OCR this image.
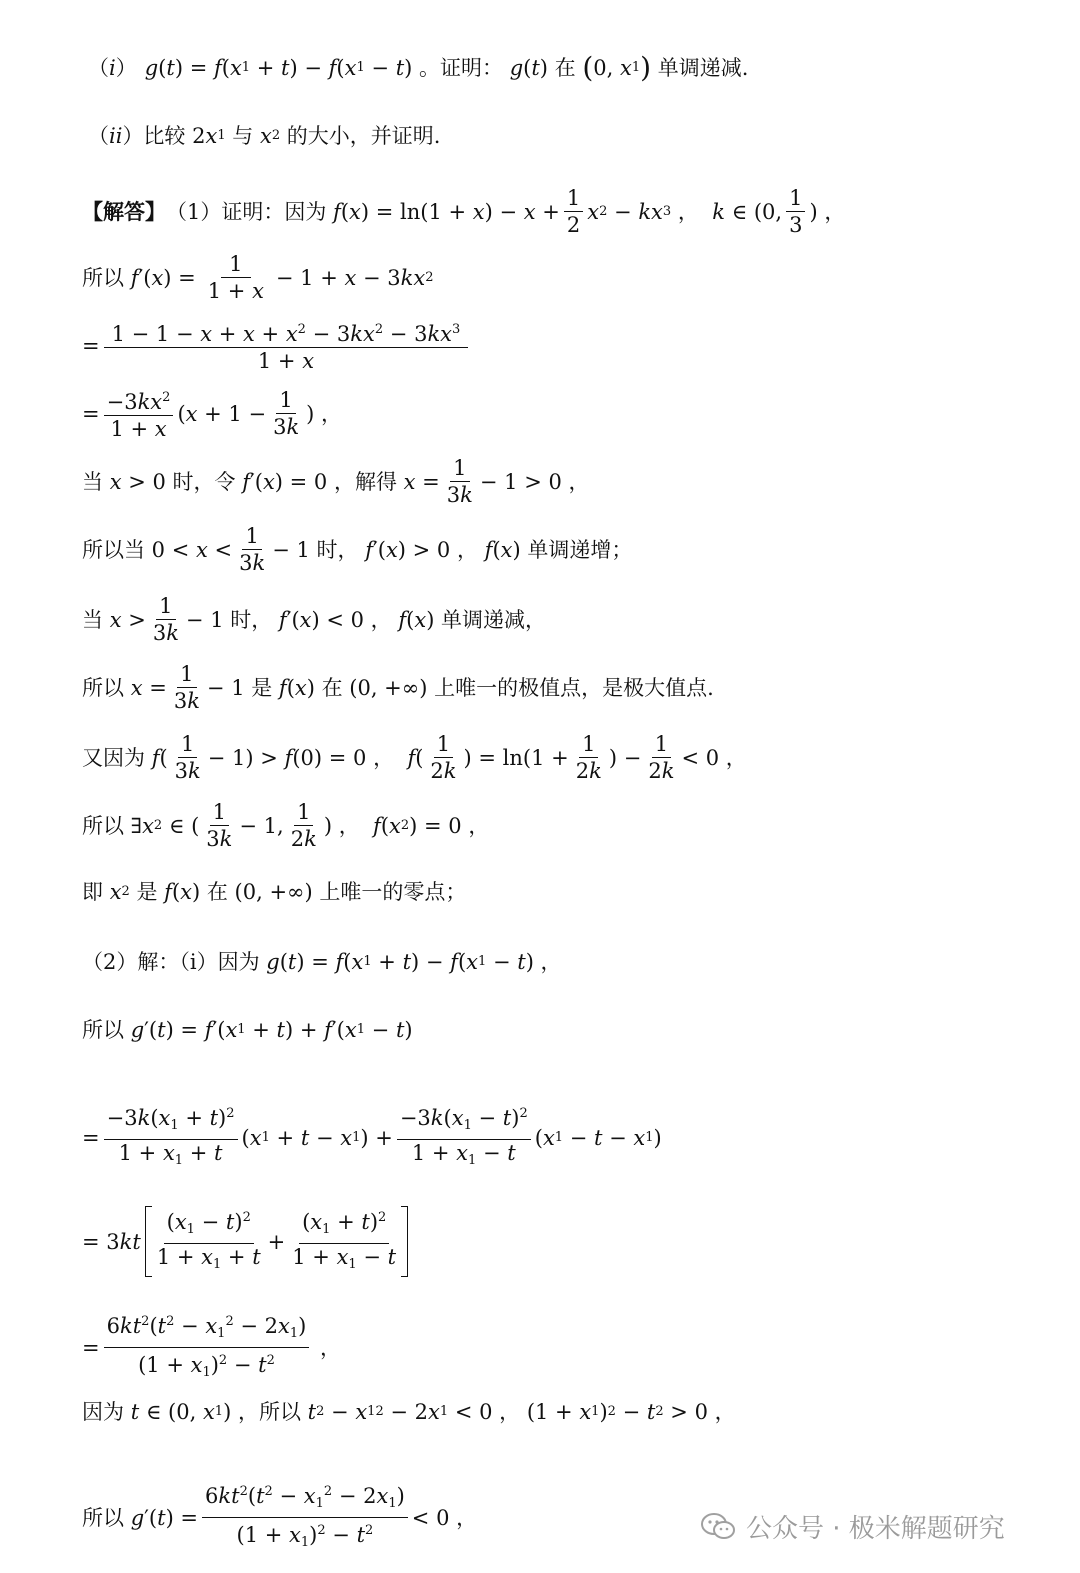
（ i ） g ( t ) = f ( x 1 + t ) − f ( x 1 − t ) 。证明： g ( t ) 在 ( 0, x 1 ) 单调递减.
（ ii ）比较 2 x 1 与 x 2 的大小，并证明.
【解答】 （1）证明：因为 f ( x ) = ln(1 + x ) − $x + \frac{1}{2}$ x 2 − kx 3 ， k ∈ (0, $\frac{1}{3}$ ) ，
所以 f ′( x ) = $\frac{1}{1 + x} - 1 + x - 3$ kx 2
= $\frac{1 - 1 - x + x + x^2 - 3kx^2 - 3kx^3}{1 + x}$
= $\frac{-3kx^2}{1 + x}$ ( $x + 1 - \frac{1}{3k}$ ) ，
当 x > 0 时，令 f ′( x ) = 0 ，解得 $x = \frac{1}{3k} - 1 > 0$ ，
所以当 $0 < x < \frac{1}{3k} - 1$ 时， f ′( x ) > 0 ， f ( x ) 单调递增；
当 $x > \frac{1}{3k} - 1$ 时， f ′( x ) < 0 ， f ( x ) 单调递减，
所以 $x = \frac{1}{3k} - 1$ 是 f ( x ) 在 (0, +∞) 上唯一的极值点，是极大值点.
又因为 f ( $\frac{1}{3k} - 1) > f$ (0) = 0 ， f ( $\frac{1}{2k}$ ) = $\ln(1 + \frac{1}{2k}$ ) − $\frac{1}{2k} < 0$ ，
所以 ∃ x 2 ∈ ( $\frac{1}{3k} - 1$, $\frac{1}{2k}$ ) ， f ( x 2 ) = 0 ，
即 x 2 是 f ( x ) 在 (0, +∞) 上唯一的零点；
（2）解：（i）因为 g ( t ) = f ( x 1 + t ) − f ( x 1 − t ) ，
所以 g ′( t ) = f ′( x 1 + t ) + f ′( x 1 − t )
= $\frac{-3k(x_1 + t)^2}{1 + x_1 + t}$ ( x 1 + t − x 1 ) + $\frac{-3k(x_1 - t)^2}{1 + x_1 - t}$ ( x 1 − t − x 1 )
= 3 kt $\frac{(x_1 - t)^2}{1 + x_1 + t} + \frac{(x_1 + t)^2}{1 + x_1 - t}$
= $\frac{6kt^2(t^2 - x_1^2 - 2x_1)}{(1 + x_1)^2 - t^2}$ ，
因为 t ∈ (0, x 1 ) ，所以 t 2 − x 1 2 − 2 x 1 < 0 ， (1 + x 1 ) 2 − t 2 > 0 ，
所以 g ′( t ) = $\frac{6kt^2(t^2 - x_1^2 - 2x_1)}{(1 + x_1)^2 - t^2} < 0$ ，	公众号 · 极米解题研究
